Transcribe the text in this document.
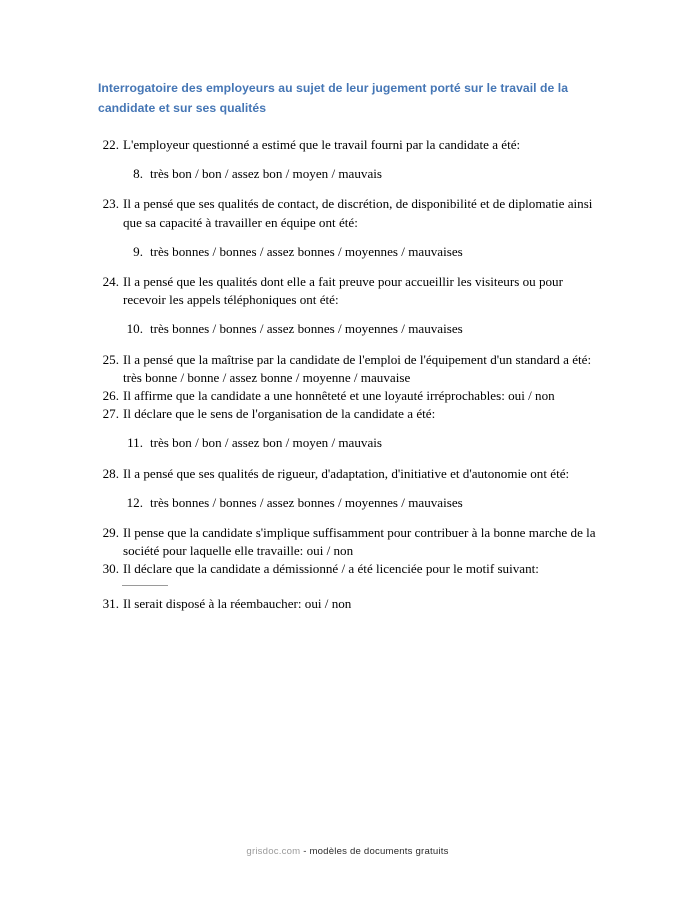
Interrogatoire des employeurs au sujet de leur jugement porté sur le travail de la candidate et sur ses qualités
22. L'employeur questionné a estimé que le travail fourni par la candidate a été:
8. très bon / bon / assez bon / moyen / mauvais
23. Il a pensé que ses qualités de contact, de discrétion, de disponibilité et de diplomatie ainsi que sa capacité à travailler en équipe ont été:
9. très bonnes / bonnes / assez bonnes / moyennes / mauvaises
24. Il a pensé que les qualités dont elle a fait preuve pour accueillir les visiteurs ou pour recevoir les appels téléphoniques ont été:
10. très bonnes / bonnes / assez bonnes / moyennes / mauvaises
25. Il a pensé que la maîtrise par la candidate de l'emploi de l'équipement d'un standard a été: très bonne / bonne / assez bonne / moyenne / mauvaise
26. Il affirme que la candidate a une honnêteté et une loyauté irréprochables: oui / non
27. Il déclare que le sens de l'organisation de la candidate a été:
11. très bon / bon / assez bon / moyen / mauvais
28. Il a pensé que ses qualités de rigueur, d'adaptation, d'initiative et d'autonomie ont été:
12. très bonnes / bonnes / assez bonnes / moyennes / mauvaises
29. Il pense que la candidate s'implique suffisamment pour contribuer à la bonne marche de la société pour laquelle elle travaille: oui / non
30. Il déclare que la candidate a démissionné / a été licenciée pour le motif suivant:
31. Il serait disposé à la réembaucher: oui / non
grisdoc.com - modèles de documents gratuits
